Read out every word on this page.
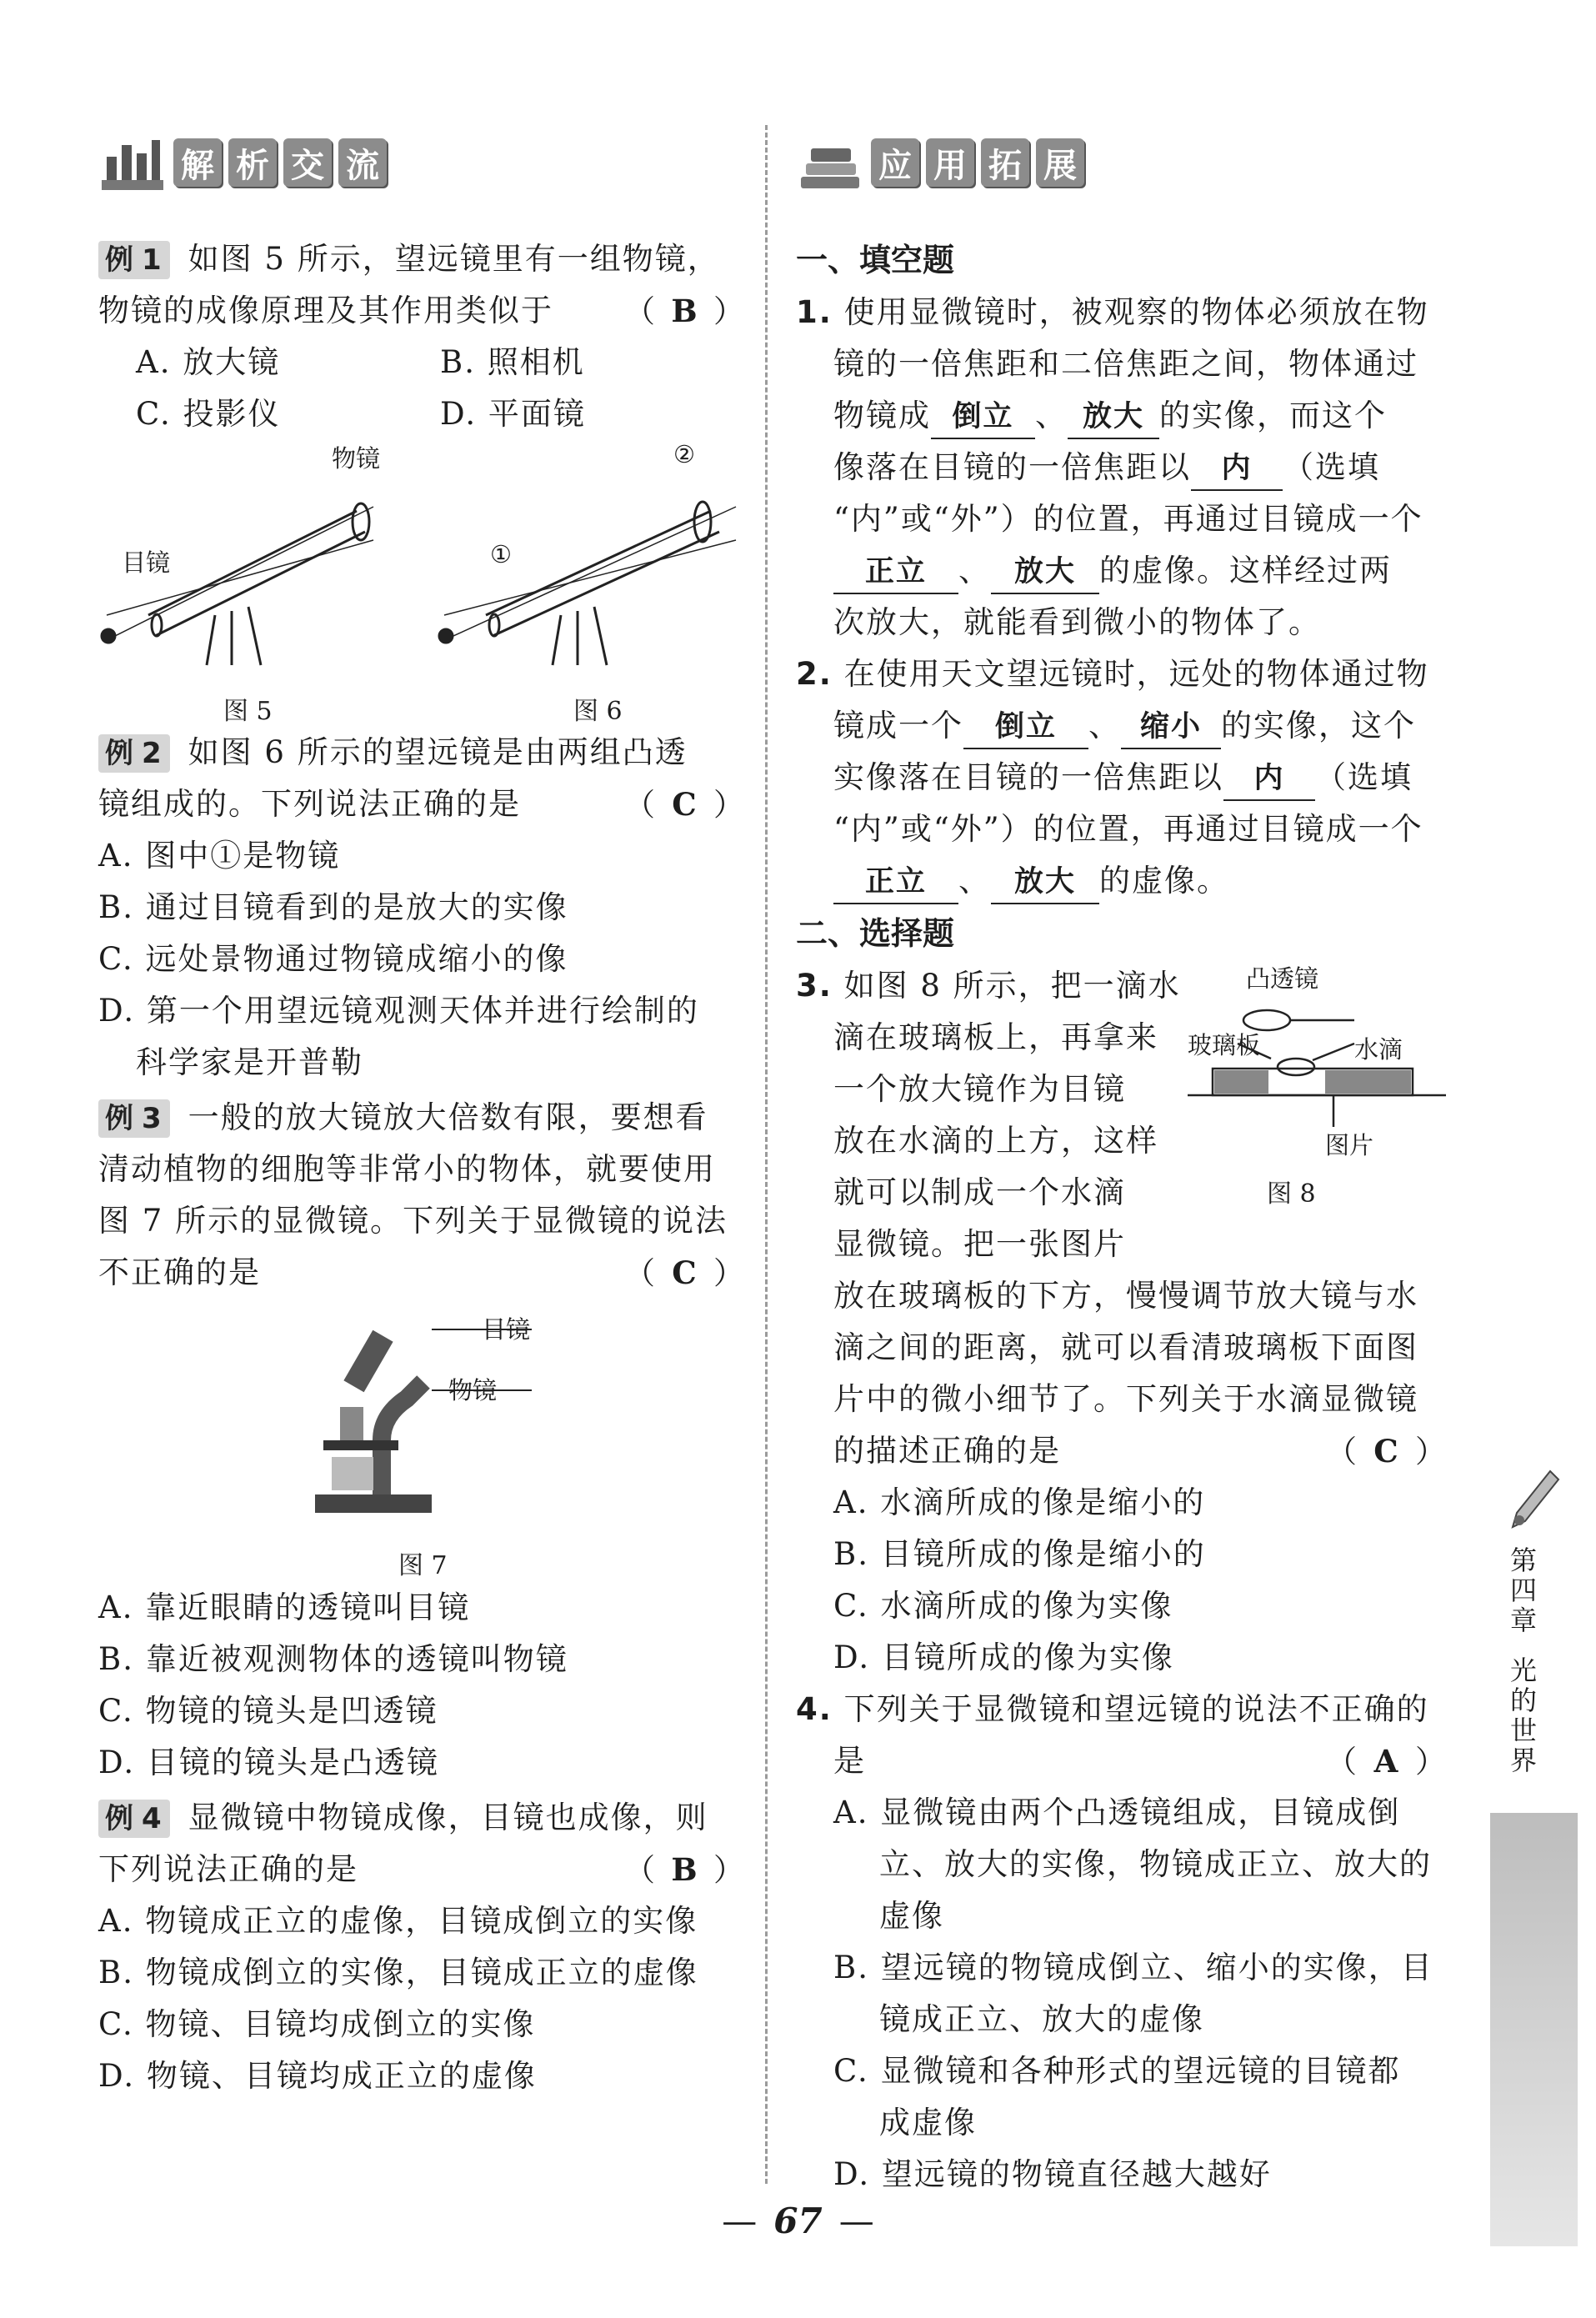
解 析 交 流
例 1 如图 5 所示，望远镜里有一组物镜，
物镜的成像原理及其作用类似于 （ B ）
A. 放大镜	B. 照相机
C. 投影仪	D. 平面镜
物镜
目镜
图 5
①
②
图 6
例 2 如图 6 所示的望远镜是由两组凸透
镜组成的。下列说法正确的是	（ C ）
A. 图中①是物镜
B. 通过目镜看到的是放大的实像
C. 远处景物通过物镜成缩小的像
D. 第一个用望远镜观测天体并进行绘制的
科学家是开普勒
例 3 一般的放大镜放大倍数有限，要想看
清动植物的细胞等非常小的物体，就要使用
图 7 所示的显微镜。下列关于显微镜的说法
不正确的是	（ C ）
目镜
物镜
图 7
A. 靠近眼睛的透镜叫目镜
B. 靠近被观测物体的透镜叫物镜
C. 物镜的镜头是凹透镜
D. 目镜的镜头是凸透镜
例 4 显微镜中物镜成像，目镜也成像，则
下列说法正确的是	（ B ）
A. 物镜成正立的虚像，目镜成倒立的实像
B. 物镜成倒立的实像，目镜成正立的虚像
C. 物镜、目镜均成倒立的实像
D. 物镜、目镜均成正立的虚像
应 用 拓 展
一、填空题
1. 使用显微镜时，被观察的物体必须放在物
镜的一倍焦距和二倍焦距之间，物体通过
物镜成 倒立 、 放大 的实像，而这个
像落在目镜的一倍焦距以 内 （选填
“内”或“外”）的位置，再通过目镜成一个
正立 、 放大 的虚像。这样经过两
次放大，就能看到微小的物体了。
2. 在使用天文望远镜时，远处的物体通过物
镜成一个 倒立 、 缩小 的实像，这个
实像落在目镜的一倍焦距以 内 （选填
“内”或“外”）的位置，再通过目镜成一个
正立 、 放大 的虚像。
二、选择题
3. 如图 8 所示，把一滴水
滴在玻璃板上，再拿来
一个放大镜作为目镜
放在水滴的上方，这样
就可以制成一个水滴
显微镜。把一张图片
凸透镜
玻璃板	水滴
图片
图 8
放在玻璃板的下方，慢慢调节放大镜与水
滴之间的距离，就可以看清玻璃板下面图
片中的微小细节了。下列关于水滴显微镜
的描述正确的是	（ C ）
A. 水滴所成的像是缩小的
B. 目镜所成的像是缩小的
C. 水滴所成的像为实像
D. 目镜所成的像为实像
4. 下列关于显微镜和望远镜的说法不正确的
是	（ A ）
A. 显微镜由两个凸透镜组成，目镜成倒
立、放大的实像，物镜成正立、放大的
虚像
B. 望远镜的物镜成倒立、缩小的实像，目
镜成正立、放大的虚像
C. 显微镜和各种形式的望远镜的目镜都
成虚像
D. 望远镜的物镜直径越大越好
第四章
光的世界
— 67 —
